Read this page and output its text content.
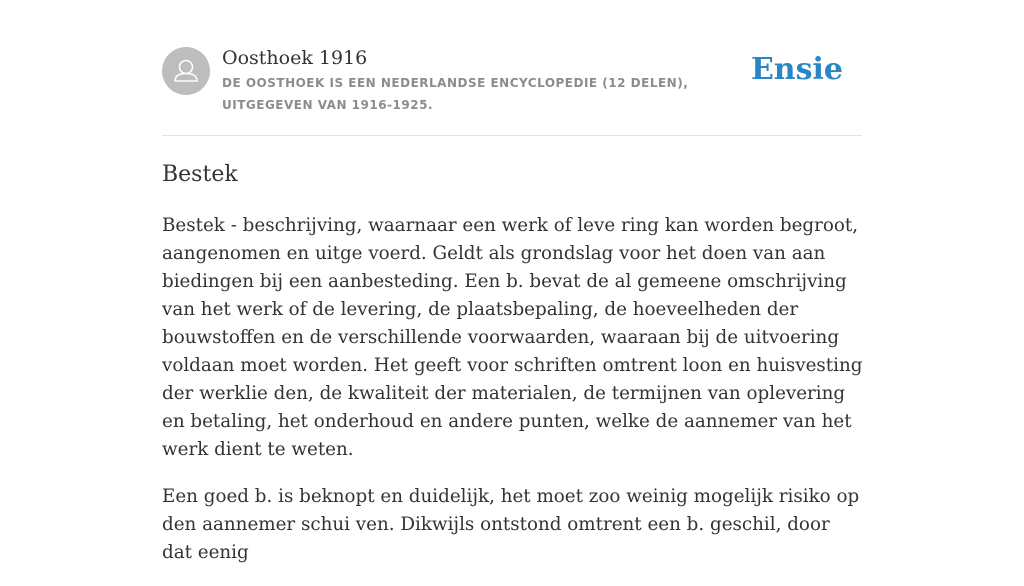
Oosthoek 1916
DE OOSTHOEK IS EEN NEDERLANDSE ENCYCLOPEDIE (12 DELEN), UITGEGEVEN VAN 1916-1925.
Ensie
Bestek

Bestek - beschrijving, waarnaar een werk of leve ring kan worden begroot, aangenomen en uitge voerd. Geldt als grondslag voor het doen van aan biedingen bij een aanbesteding. Een b. bevat de al gemeene omschrijving van het werk of de levering, de plaatsbepaling, de hoeveelheden der bouwstoffen en de verschillende voorwaarden, waaraan bij de uitvoering voldaan moet worden. Het geeft voor schriften omtrent loon en huisvesting der werklie den, de kwaliteit der materialen, de termijnen van oplevering en betaling, het onderhoud en andere punten, welke de aannemer van het werk dient te weten.

Een goed b. is beknopt en duidelijk, het moet zoo weinig mogelijk risiko op den aannemer schui ven. Dikwijls ontstond omtrent een b. geschil, door dat eenig
